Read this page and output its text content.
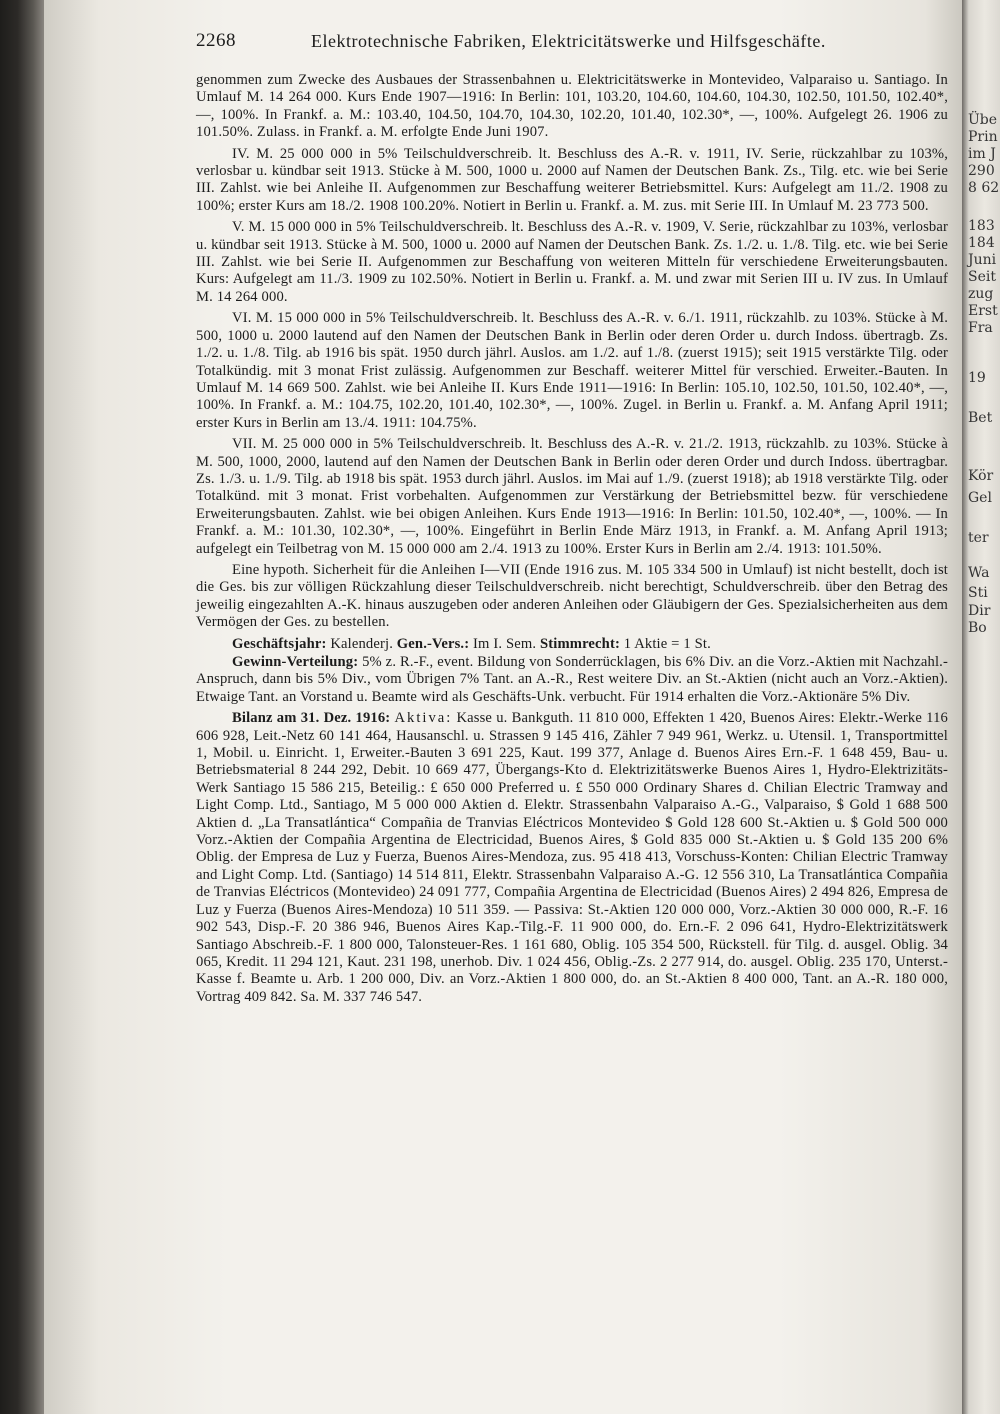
Übe
Prin
im J
290
8 62
183
184
Juni
Seit
zug
Erst
Fra
19
Bet
Kör
Gel
ter
Wa
Sti
Dir
Bo
2268	Elektrotechnische Fabriken, Elektricitätswerke und Hilfsgeschäfte.

genommen zum Zwecke des Ausbaues der Strassenbahnen u. Elektricitätswerke in Montevideo, Valparaiso u. Santiago. In Umlauf M. 14 264 000. Kurs Ende 1907—1916: In Berlin: 101, 103.20, 104.60, 104.60, 104.30, 102.50, 101.50, 102.40*, —, 100%. In Frankf. a. M.: 103.40, 104.50, 104.70, 104.30, 102.20, 101.40, 102.30*, —, 100%. Aufgelegt 26. 1906 zu 101.50%. Zulass. in Frankf. a. M. erfolgte Ende Juni 1907.

IV. M. 25 000 000 in 5% Teilschuldverschreib. lt. Beschluss des A.-R. v. 1911, IV. Serie, rückzahlbar zu 103%, verlosbar u. kündbar seit 1913. Stücke à M. 500, 1000 u. 2000 auf Namen der Deutschen Bank. Zs., Tilg. etc. wie bei Serie III. Zahlst. wie bei Anleihe II. Aufgenommen zur Beschaffung weiterer Betriebsmittel. Kurs: Aufgelegt am 11./2. 1908 zu 100%; erster Kurs am 18./2. 1908 100.20%. Notiert in Berlin u. Frankf. a. M. zus. mit Serie III. In Umlauf M. 23 773 500.

V. M. 15 000 000 in 5% Teilschuldverschreib. lt. Beschluss des A.-R. v. 1909, V. Serie, rückzahlbar zu 103%, verlosbar u. kündbar seit 1913. Stücke à M. 500, 1000 u. 2000 auf Namen der Deutschen Bank. Zs. 1./2. u. 1./8. Tilg. etc. wie bei Serie III. Zahlst. wie bei Serie II. Aufgenommen zur Beschaffung von weiteren Mitteln für verschiedene Erweiterungsbauten. Kurs: Aufgelegt am 11./3. 1909 zu 102.50%. Notiert in Berlin u. Frankf. a. M. und zwar mit Serien III u. IV zus. In Umlauf M. 14 264 000.

VI. M. 15 000 000 in 5% Teilschuldverschreib. lt. Beschluss des A.-R. v. 6./1. 1911, rückzahlb. zu 103%. Stücke à M. 500, 1000 u. 2000 lautend auf den Namen der Deutschen Bank in Berlin oder deren Order u. durch Indoss. übertragb. Zs. 1./2. u. 1./8. Tilg. ab 1916 bis spät. 1950 durch jährl. Auslos. am 1./2. auf 1./8. (zuerst 1915); seit 1915 verstärkte Tilg. oder Totalkündig. mit 3 monat Frist zulässig. Aufgenommen zur Beschaff. weiterer Mittel für verschied. Erweiter.-Bauten. In Umlauf M. 14 669 500. Zahlst. wie bei Anleihe II. Kurs Ende 1911—1916: In Berlin: 105.10, 102.50, 101.50, 102.40*, —, 100%. In Frankf. a. M.: 104.75, 102.20, 101.40, 102.30*, —, 100%. Zugel. in Berlin u. Frankf. a. M. Anfang April 1911; erster Kurs in Berlin am 13./4. 1911: 104.75%.

VII. M. 25 000 000 in 5% Teilschuldverschreib. lt. Beschluss des A.-R. v. 21./2. 1913, rückzahlb. zu 103%. Stücke à M. 500, 1000, 2000, lautend auf den Namen der Deutschen Bank in Berlin oder deren Order und durch Indoss. übertragbar. Zs. 1./3. u. 1./9. Tilg. ab 1918 bis spät. 1953 durch jährl. Auslos. im Mai auf 1./9. (zuerst 1918); ab 1918 verstärkte Tilg. oder Totalkünd. mit 3 monat. Frist vorbehalten. Aufgenommen zur Verstärkung der Betriebsmittel bezw. für verschiedene Erweiterungsbauten. Zahlst. wie bei obigen Anleihen. Kurs Ende 1913—1916: In Berlin: 101.50, 102.40*, —, 100%. — In Frankf. a. M.: 101.30, 102.30*, —, 100%. Eingeführt in Berlin Ende März 1913, in Frankf. a. M. Anfang April 1913; aufgelegt ein Teilbetrag von M. 15 000 000 am 2./4. 1913 zu 100%. Erster Kurs in Berlin am 2./4. 1913: 101.50%.

Eine hypoth. Sicherheit für die Anleihen I—VII (Ende 1916 zus. M. 105 334 500 in Umlauf) ist nicht bestellt, doch ist die Ges. bis zur völligen Rückzahlung dieser Teilschuldverschreib. nicht berechtigt, Schuldverschreib. über den Betrag des jeweilig eingezahlten A.-K. hinaus auszugeben oder anderen Anleihen oder Gläubigern der Ges. Spezialsicherheiten aus dem Vermögen der Ges. zu bestellen.

Geschäftsjahr: Kalenderj. Gen.-Vers.: Im I. Sem. Stimmrecht: 1 Aktie = 1 St.

Gewinn-Verteilung: 5% z. R.-F., event. Bildung von Sonderrücklagen, bis 6% Div. an die Vorz.-Aktien mit Nachzahl.-Anspruch, dann bis 5% Div., vom Übrigen 7% Tant. an A.-R., Rest weitere Div. an St.-Aktien (nicht auch an Vorz.-Aktien). Etwaige Tant. an Vorstand u. Beamte wird als Geschäfts-Unk. verbucht. Für 1914 erhalten die Vorz.-Aktionäre 5% Div.

Bilanz am 31. Dez. 1916: Aktiva: Kasse u. Bankguth. 11 810 000, Effekten 1 420, Buenos Aires: Elektr.-Werke 116 606 928, Leit.-Netz 60 141 464, Hausanschl. u. Strassen 9 145 416, Zähler 7 949 961, Werkz. u. Utensil. 1, Transportmittel 1, Mobil. u. Einricht. 1, Erweiter.-Bauten 3 691 225, Kaut. 199 377, Anlage d. Buenos Aires Ern.-F. 1 648 459, Bau- u. Betriebsmaterial 8 244 292, Debit. 10 669 477, Übergangs-Kto d. Elektrizitätswerke Buenos Aires 1, Hydro-Elektrizitäts-Werk Santiago 15 586 215, Beteilig.: £ 650 000 Preferred u. £ 550 000 Ordinary Shares d. Chilian Electric Tramway and Light Comp. Ltd., Santiago, M 5 000 000 Aktien d. Elektr. Strassenbahn Valparaiso A.-G., Valparaiso, $ Gold 1 688 500 Aktien d. „La Transatlántica“ Compañia de Tranvias Eléctricos Montevideo $ Gold 128 600 St.-Aktien u. $ Gold 500 000 Vorz.-Aktien der Compañia Argentina de Electricidad, Buenos Aires, $ Gold 835 000 St.-Aktien u. $ Gold 135 200 6% Oblig. der Empresa de Luz y Fuerza, Buenos Aires-Mendoza, zus. 95 418 413, Vorschuss-Konten: Chilian Electric Tramway and Light Comp. Ltd. (Santiago) 14 514 811, Elektr. Strassenbahn Valparaiso A.-G. 12 556 310, La Transatlántica Compañia de Tranvias Eléctricos (Montevideo) 24 091 777, Compañia Argentina de Electricidad (Buenos Aires) 2 494 826, Empresa de Luz y Fuerza (Buenos Aires-Mendoza) 10 511 359. — Passiva: St.-Aktien 120 000 000, Vorz.-Aktien 30 000 000, R.-F. 16 902 543, Disp.-F. 20 386 946, Buenos Aires Kap.-Tilg.-F. 11 900 000, do. Ern.-F. 2 096 641, Hydro-Elektrizitätswerk Santiago Abschreib.-F. 1 800 000, Talonsteuer-Res. 1 161 680, Oblig. 105 354 500, Rückstell. für Tilg. d. ausgel. Oblig. 34 065, Kredit. 11 294 121, Kaut. 231 198, unerhob. Div. 1 024 456, Oblig.-Zs. 2 277 914, do. ausgel. Oblig. 235 170, Unterst.-Kasse f. Beamte u. Arb. 1 200 000, Div. an Vorz.-Aktien 1 800 000, do. an St.-Aktien 8 400 000, Tant. an A.-R. 180 000, Vortrag 409 842. Sa. M. 337 746 547.
